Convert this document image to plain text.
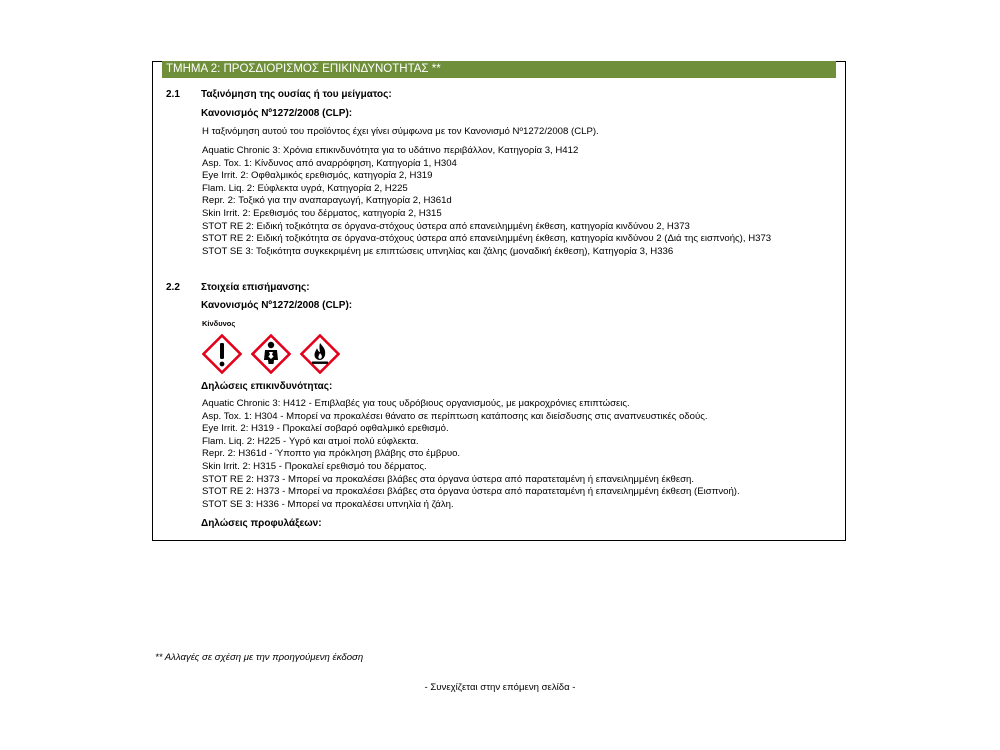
ΤΜΗΜΑ 2: ΠΡΟΣΔΙΟΡΙΣΜΟΣ ΕΠΙΚΙΝΔΥΝΟΤΗΤΑΣ **
2.1 Ταξινόμηση της ουσίας ή του μείγματος:
Κανονισμός Nº1272/2008 (CLP):
Η ταξινόμηση αυτού του προϊόντος έχει γίνει σύμφωνα με τον Κανονισμό Nº1272/2008 (CLP).
Aquatic Chronic 3: Χρόνια επικινδυνότητα για το υδάτινο περιβάλλον, Κατηγορία 3, H412
Asp. Tox. 1: Κίνδυνος από αναρρόφηση, Κατηγορία 1, H304
Eye Irrit. 2: Οφθαλμικός ερεθισμός, κατηγορία 2, H319
Flam. Liq. 2: Εύφλεκτα υγρά, Κατηγορία 2, H225
Repr. 2: Τοξικό για την αναπαραγωγή, Κατηγορία 2, H361d
Skin Irrit. 2: Ερεθισμός του δέρματος, κατηγορία 2, H315
STOT RE 2: Ειδική τοξικότητα σε όργανα-στόχους ύστερα από επανειλημμένη έκθεση, κατηγορία κινδύνου 2, H373
STOT RE 2: Ειδική τοξικότητα σε όργανα-στόχους ύστερα από επανειλημμένη έκθεση, κατηγορία κινδύνου 2 (Διά της εισπνοής), H373
STOT SE 3: Τοξικότητα συγκεκριμένη με επιπτώσεις υπνηλίας και ζάλης (μοναδική έκθεση), Κατηγορία 3, H336
2.2 Στοιχεία επισήμανσης:
Κανονισμός Nº1272/2008 (CLP):
Κίνδυνος
Δηλώσεις επικινδυνότητας:
Aquatic Chronic 3: H412 - Επιβλαβές για τους υδρόβιους οργανισμούς, με μακροχρόνιες επιπτώσεις.
Asp. Tox. 1: H304 - Μπορεί να προκαλέσει θάνατο σε περίπτωση κατάποσης και διείσδυσης στις αναπνευστικές οδούς.
Eye Irrit. 2: H319 - Προκαλεί σοβαρό οφθαλμικό ερεθισμό.
Flam. Liq. 2: H225 - Υγρό και ατμοί πολύ εύφλεκτα.
Repr. 2: H361d - Ύποπτο για πρόκληση βλάβης στο έμβρυο.
Skin Irrit. 2: H315 - Προκαλεί ερεθισμό του δέρματος.
STOT RE 2: H373 - Μπορεί να προκαλέσει βλάβες στα όργανα ύστερα από παρατεταμένη ή επανειλημμένη έκθεση.
STOT RE 2: H373 - Μπορεί να προκαλέσει βλάβες στα όργανα ύστερα από παρατεταμένη ή επανειλημμένη έκθεση (Εισπνοή).
STOT SE 3: H336 - Μπορεί να προκαλέσει υπνηλία ή ζάλη.
Δηλώσεις προφυλάξεων:
** Αλλαγές σε σχέση με την προηγούμενη έκδοση
- Συνεχίζεται στην επόμενη σελίδα -
